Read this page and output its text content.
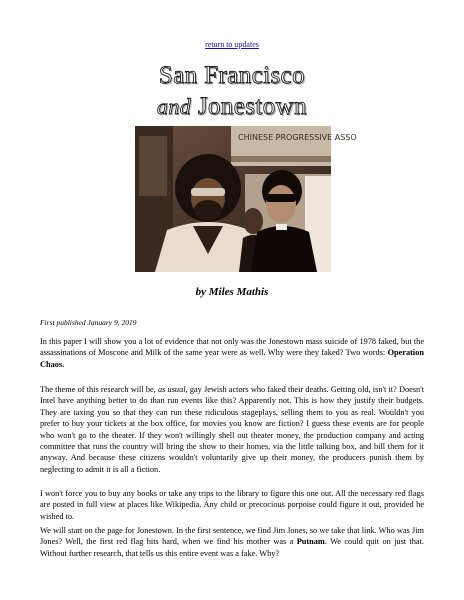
return to updates
San Francisco
and Jonestown
CHINESE PROGRESSIVE ASSO
by Miles Mathis
First published January 9, 2019
In this paper I will show you a lot of evidence that not only was the Jonestown mass suicide of 1978 faked, but the assassinations of Moscone and Milk of the same year were as well. Why were they faked? Two words: Operation Chaos.
The theme of this research will be, as usual, gay Jewish actors who faked their deaths. Getting old, isn't it? Doesn't Intel have anything better to do than run events like this? Apparently not. This is how they justify their budgets. They are taxing you so that they can run these ridiculous stageplays, selling them to you as real. Wouldn't you prefer to buy your tickets at the box office, for movies you know are fiction? I guess these events are for people who won't go to the theater. If they won't willingly shell out theater money, the production company and acting committee that runs the country will bring the show to their homes, via the little talking box, and bill them for it anyway. And because these citizens wouldn't voluntarily give up their money, the producers punish them by neglecting to admit it is all a fiction.
I won't force you to buy any books or take any trips to the library to figure this one out. All the necessary red flags are posted in full view at places like Wikipedia. Any child or precocious porpoise could figure it out, provided he wished to.
We will start on the page for Jonestown. In the first sentence, we find Jim Jones, so we take that link. Who was Jim Jones? Well, the first red flag hits hard, when we find his mother was a Putnam. We could quit on just that. Without further research, that tells us this entire event was a fake. Why?
